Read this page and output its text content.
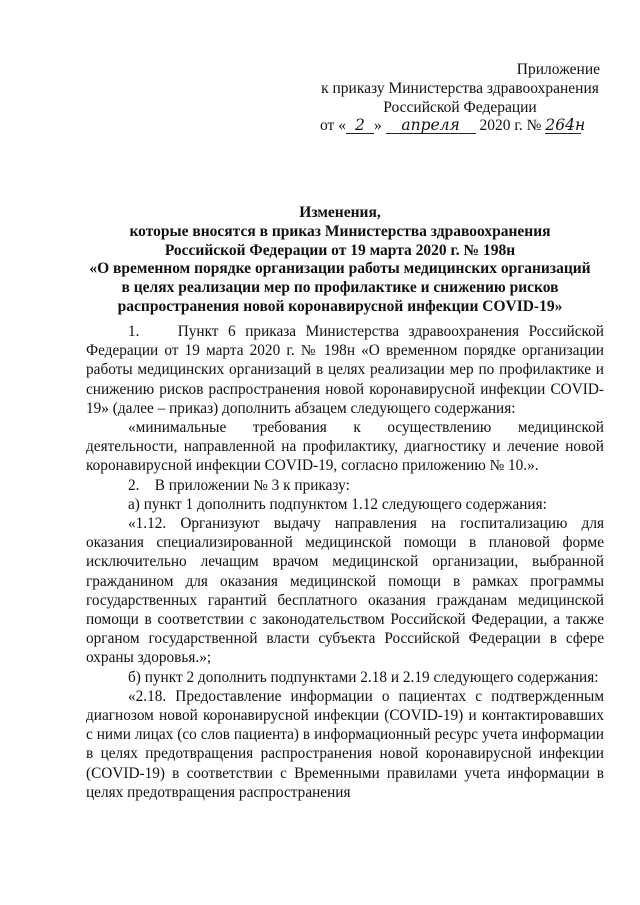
Приложение
к приказу Министерства здравоохранения
Российской Федерации
от « 2 » апреля 2020 г. № 264н
Изменения,
которые вносятся в приказ Министерства здравоохранения
Российской Федерации от 19 марта 2020 г. № 198н
«О временном порядке организации работы медицинских организаций
в целях реализации мер по профилактике и снижению рисков
распространения новой коронавирусной инфекции COVID-19»

1.    Пункт 6 приказа Министерства здравоохранения Российской Федерации от 19 марта 2020 г. № 198н «О временном порядке организации работы медицинских организаций в целях реализации мер по профилактике и снижению рисков распространения новой коронавирусной инфекции COVID-19» (далее – приказ) дополнить абзацем следующего содержания:

«минимальные требования к осуществлению медицинской деятельности, направленной на профилактику, диагностику и лечение новой коронавирусной инфекции COVID-19, согласно приложению № 10.».

2.    В приложении № 3 к приказу:

а) пункт 1 дополнить подпунктом 1.12 следующего содержания:

«1.12. Организуют выдачу направления на госпитализацию для оказания специализированной медицинской помощи в плановой форме исключительно лечащим врачом медицинской организации, выбранной гражданином для оказания медицинской помощи в рамках программы государственных гарантий бесплатного оказания гражданам медицинской помощи в соответствии с законодательством Российской Федерации, а также органом государственной власти субъекта Российской Федерации в сфере охраны здоровья.»;

б) пункт 2 дополнить подпунктами 2.18 и 2.19 следующего содержания:

«2.18. Предоставление информации о пациентах с подтвержденным диагнозом новой коронавирусной инфекции (COVID-19) и контактировавших с ними лицах (со слов пациента) в информационный ресурс учета информации в целях предотвращения распространения новой коронавирусной инфекции (COVID-19) в соответствии с Временными правилами учета информации в целях предотвращения распространения
